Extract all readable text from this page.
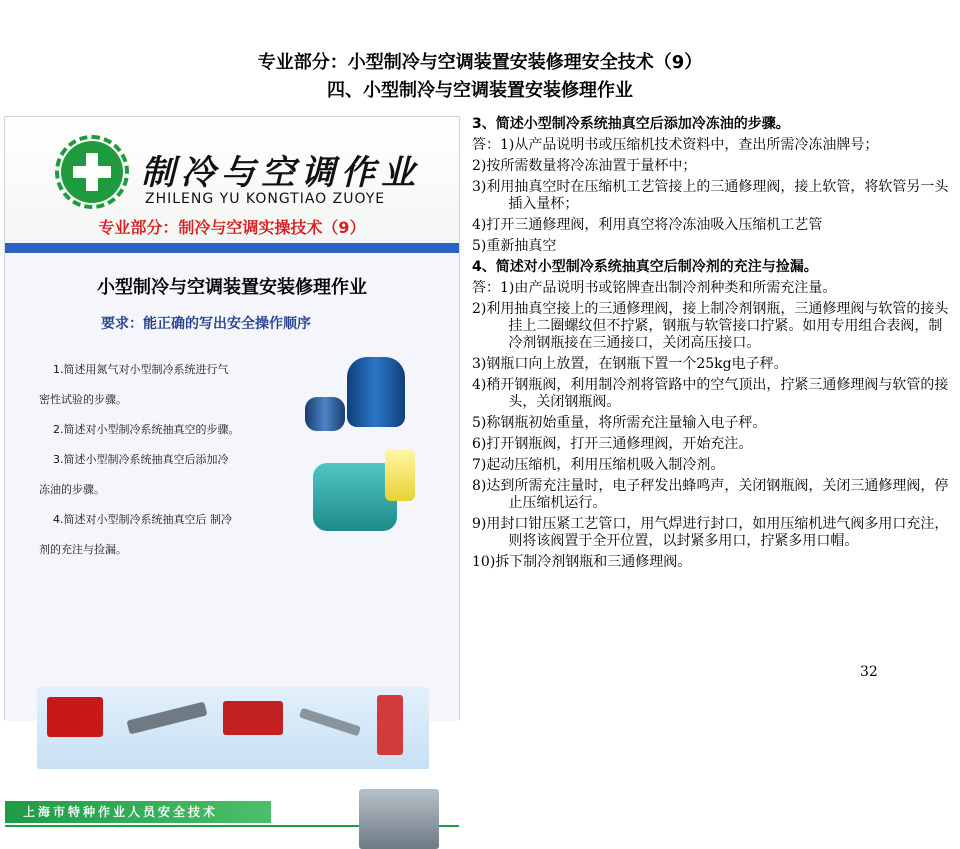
专业部分：小型制冷与空调装置安装修理安全技术（9）
四、小型制冷与空调装置安装修理作业
制冷与空调作业
ZHILENG YU KONGTIAO ZUOYE
专业部分：制冷与空调实操技术（9）
小型制冷与空调装置安装修理作业
要求：能正确的写出安全操作顺序
1.简述用氮气对小型制冷系统进行气
密性试验的步骤。
2.简述对小型制冷系统抽真空的步骤。
3.简述小型制冷系统抽真空后添加冷
冻油的步骤。
4.简述对小型制冷系统抽真空后 制冷
剂的充注与捡漏。
上海市特种作业人员安全技术
3、简述小型制冷系统抽真空后添加冷冻油的步骤。
答：1)从产品说明书或压缩机技术资料中，查出所需冷冻油牌号；
2)按所需数量将冷冻油置于量杯中；
3)利用抽真空时在压缩机工艺管接上的三通修理阀，接上软管，将软管另一头插入量杯；
4)打开三通修理阀，利用真空将冷冻油吸入压缩机工艺管
5)重新抽真空
4、简述对小型制冷系统抽真空后制冷剂的充注与捡漏。
答：1)由产品说明书或铭牌查出制冷剂种类和所需充注量。
2)利用抽真空接上的三通修理阀，接上制冷剂钢瓶，三通修理阀与软管的接头挂上二圈螺纹但不拧紧，钢瓶与软管接口拧紧。如用专用组合表阀，制冷剂钢瓶接在三通接口，关闭高压接口。
3)钢瓶口向上放置，在钢瓶下置一个25kg电子秤。
4)稍开钢瓶阀，利用制冷剂将管路中的空气顶出，拧紧三通修理阀与软管的接头，关闭钢瓶阀。
5)称钢瓶初始重量，将所需充注量输入电子秤。
6)打开钢瓶阀，打开三通修理阀，开始充注。
7)起动压缩机，利用压缩机吸入制冷剂。
8)达到所需充注量时，电子秤发出蜂鸣声，关闭钢瓶阀，关闭三通修理阀，停止压缩机运行。
9)用封口钳压紧工艺管口，用气焊进行封口，如用压缩机进气阀多用口充注，则将该阀置于全开位置，以封紧多用口，拧紧多用口帽。
10)拆下制冷剂钢瓶和三通修理阀。
32
